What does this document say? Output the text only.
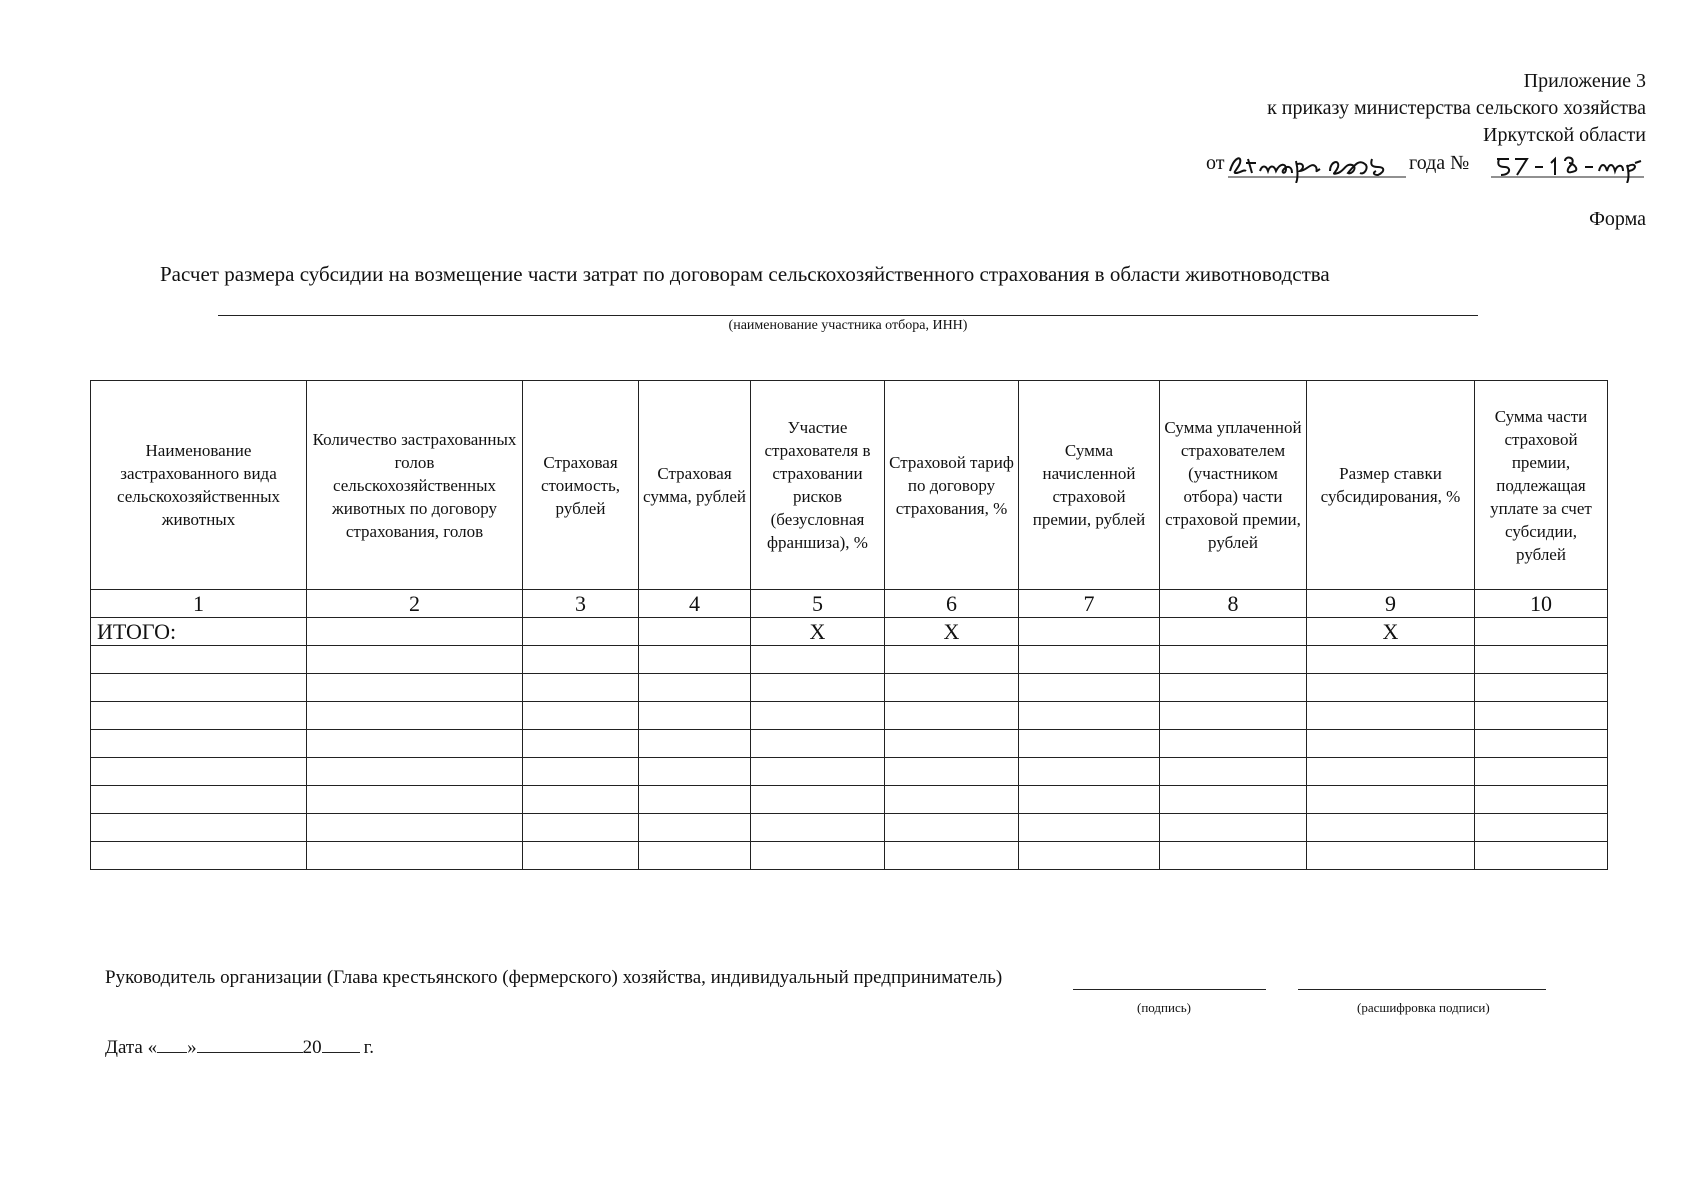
Приложение 3
к приказу министерства сельского хозяйства
Иркутской области
от	года №
Форма
Расчет размера субсидии на возмещение части затрат по договорам сельскохозяйственного страхования в области животноводства
(наименование участника отбора, ИНН)
Наименование застрахованного вида сельскохозяйственных животных	Количество застрахованных голов сельскохозяйственных животных по договору страхования, голов	Страховая стоимость, рублей	Страховая сумма, рублей	Участие страхователя в страховании рисков (безусловная франшиза), %	Страховой тариф по договору страхования, %	Сумма начисленной страховой премии, рублей	Сумма уплаченной страхователем (участником отбора) части страховой премии, рублей	Размер ставки субсидирования, %	Сумма части страховой премии, подлежащая уплате за счет субсидии, рублей
1	2	3	4	5	6	7	8	9	10
ИТОГО:				X	X			X	

Руководитель организации (Глава крестьянского (фермерского) хозяйства, индивидуальный предприниматель)
(подпись)	(расшифровка подписи)
Дата « »	20 г.
